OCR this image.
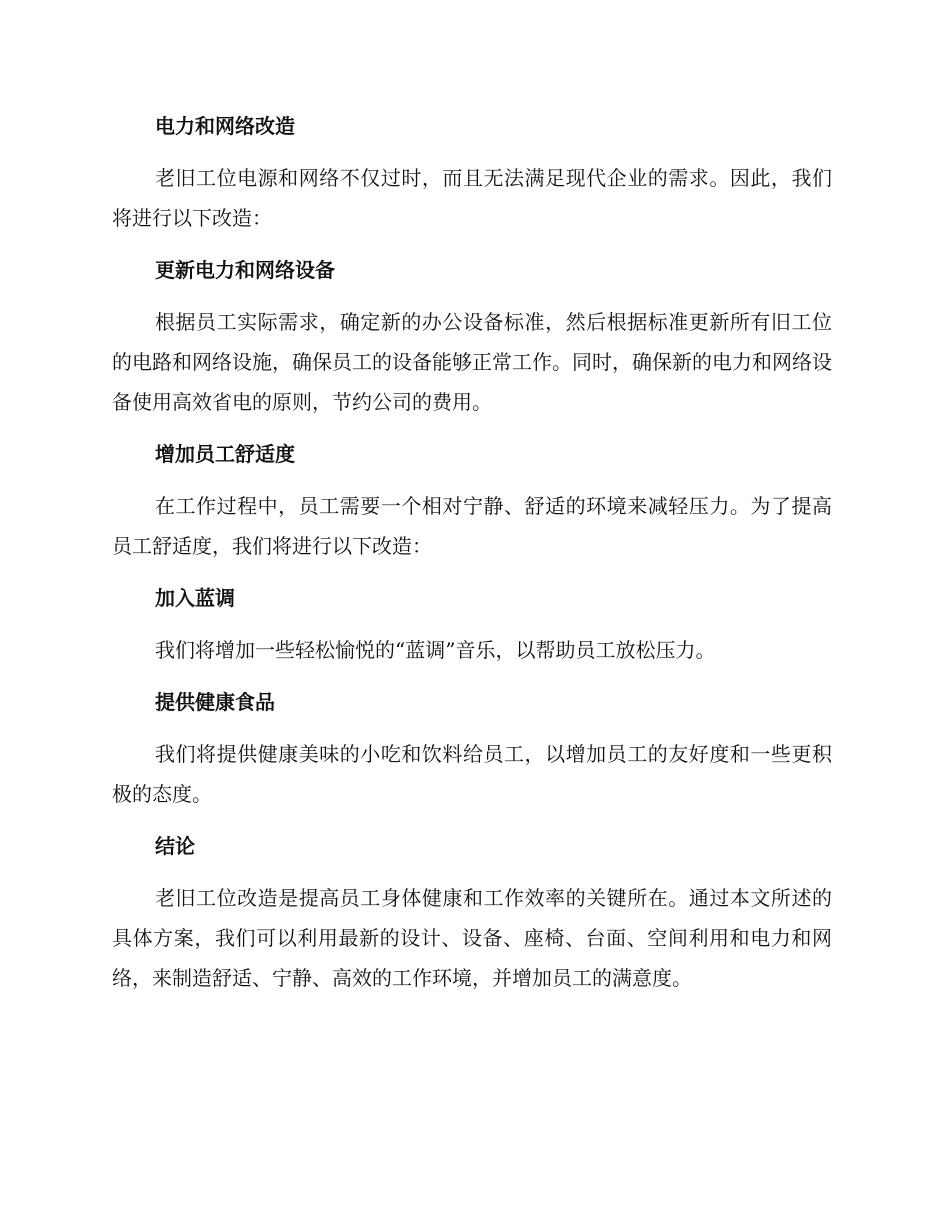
电力和网络改造

老旧工位电源和网络不仅过时，而且无法满足现代企业的需求。因此，我们将进行以下改造：

更新电力和网络设备

根据员工实际需求，确定新的办公设备标准，然后根据标准更新所有旧工位的电路和网络设施，确保员工的设备能够正常工作。同时，确保新的电力和网络设备使用高效省电的原则，节约公司的费用。

增加员工舒适度

在工作过程中，员工需要一个相对宁静、舒适的环境来减轻压力。为了提高员工舒适度，我们将进行以下改造：

加入蓝调

我们将增加一些轻松愉悦的“蓝调”音乐，以帮助员工放松压力。

提供健康食品

我们将提供健康美味的小吃和饮料给员工，以增加员工的友好度和一些更积极的态度。

结论

老旧工位改造是提高员工身体健康和工作效率的关键所在。通过本文所述的具体方案，我们可以利用最新的设计、设备、座椅、台面、空间利用和电力和网络，来制造舒适、宁静、高效的工作环境，并增加员工的满意度。
